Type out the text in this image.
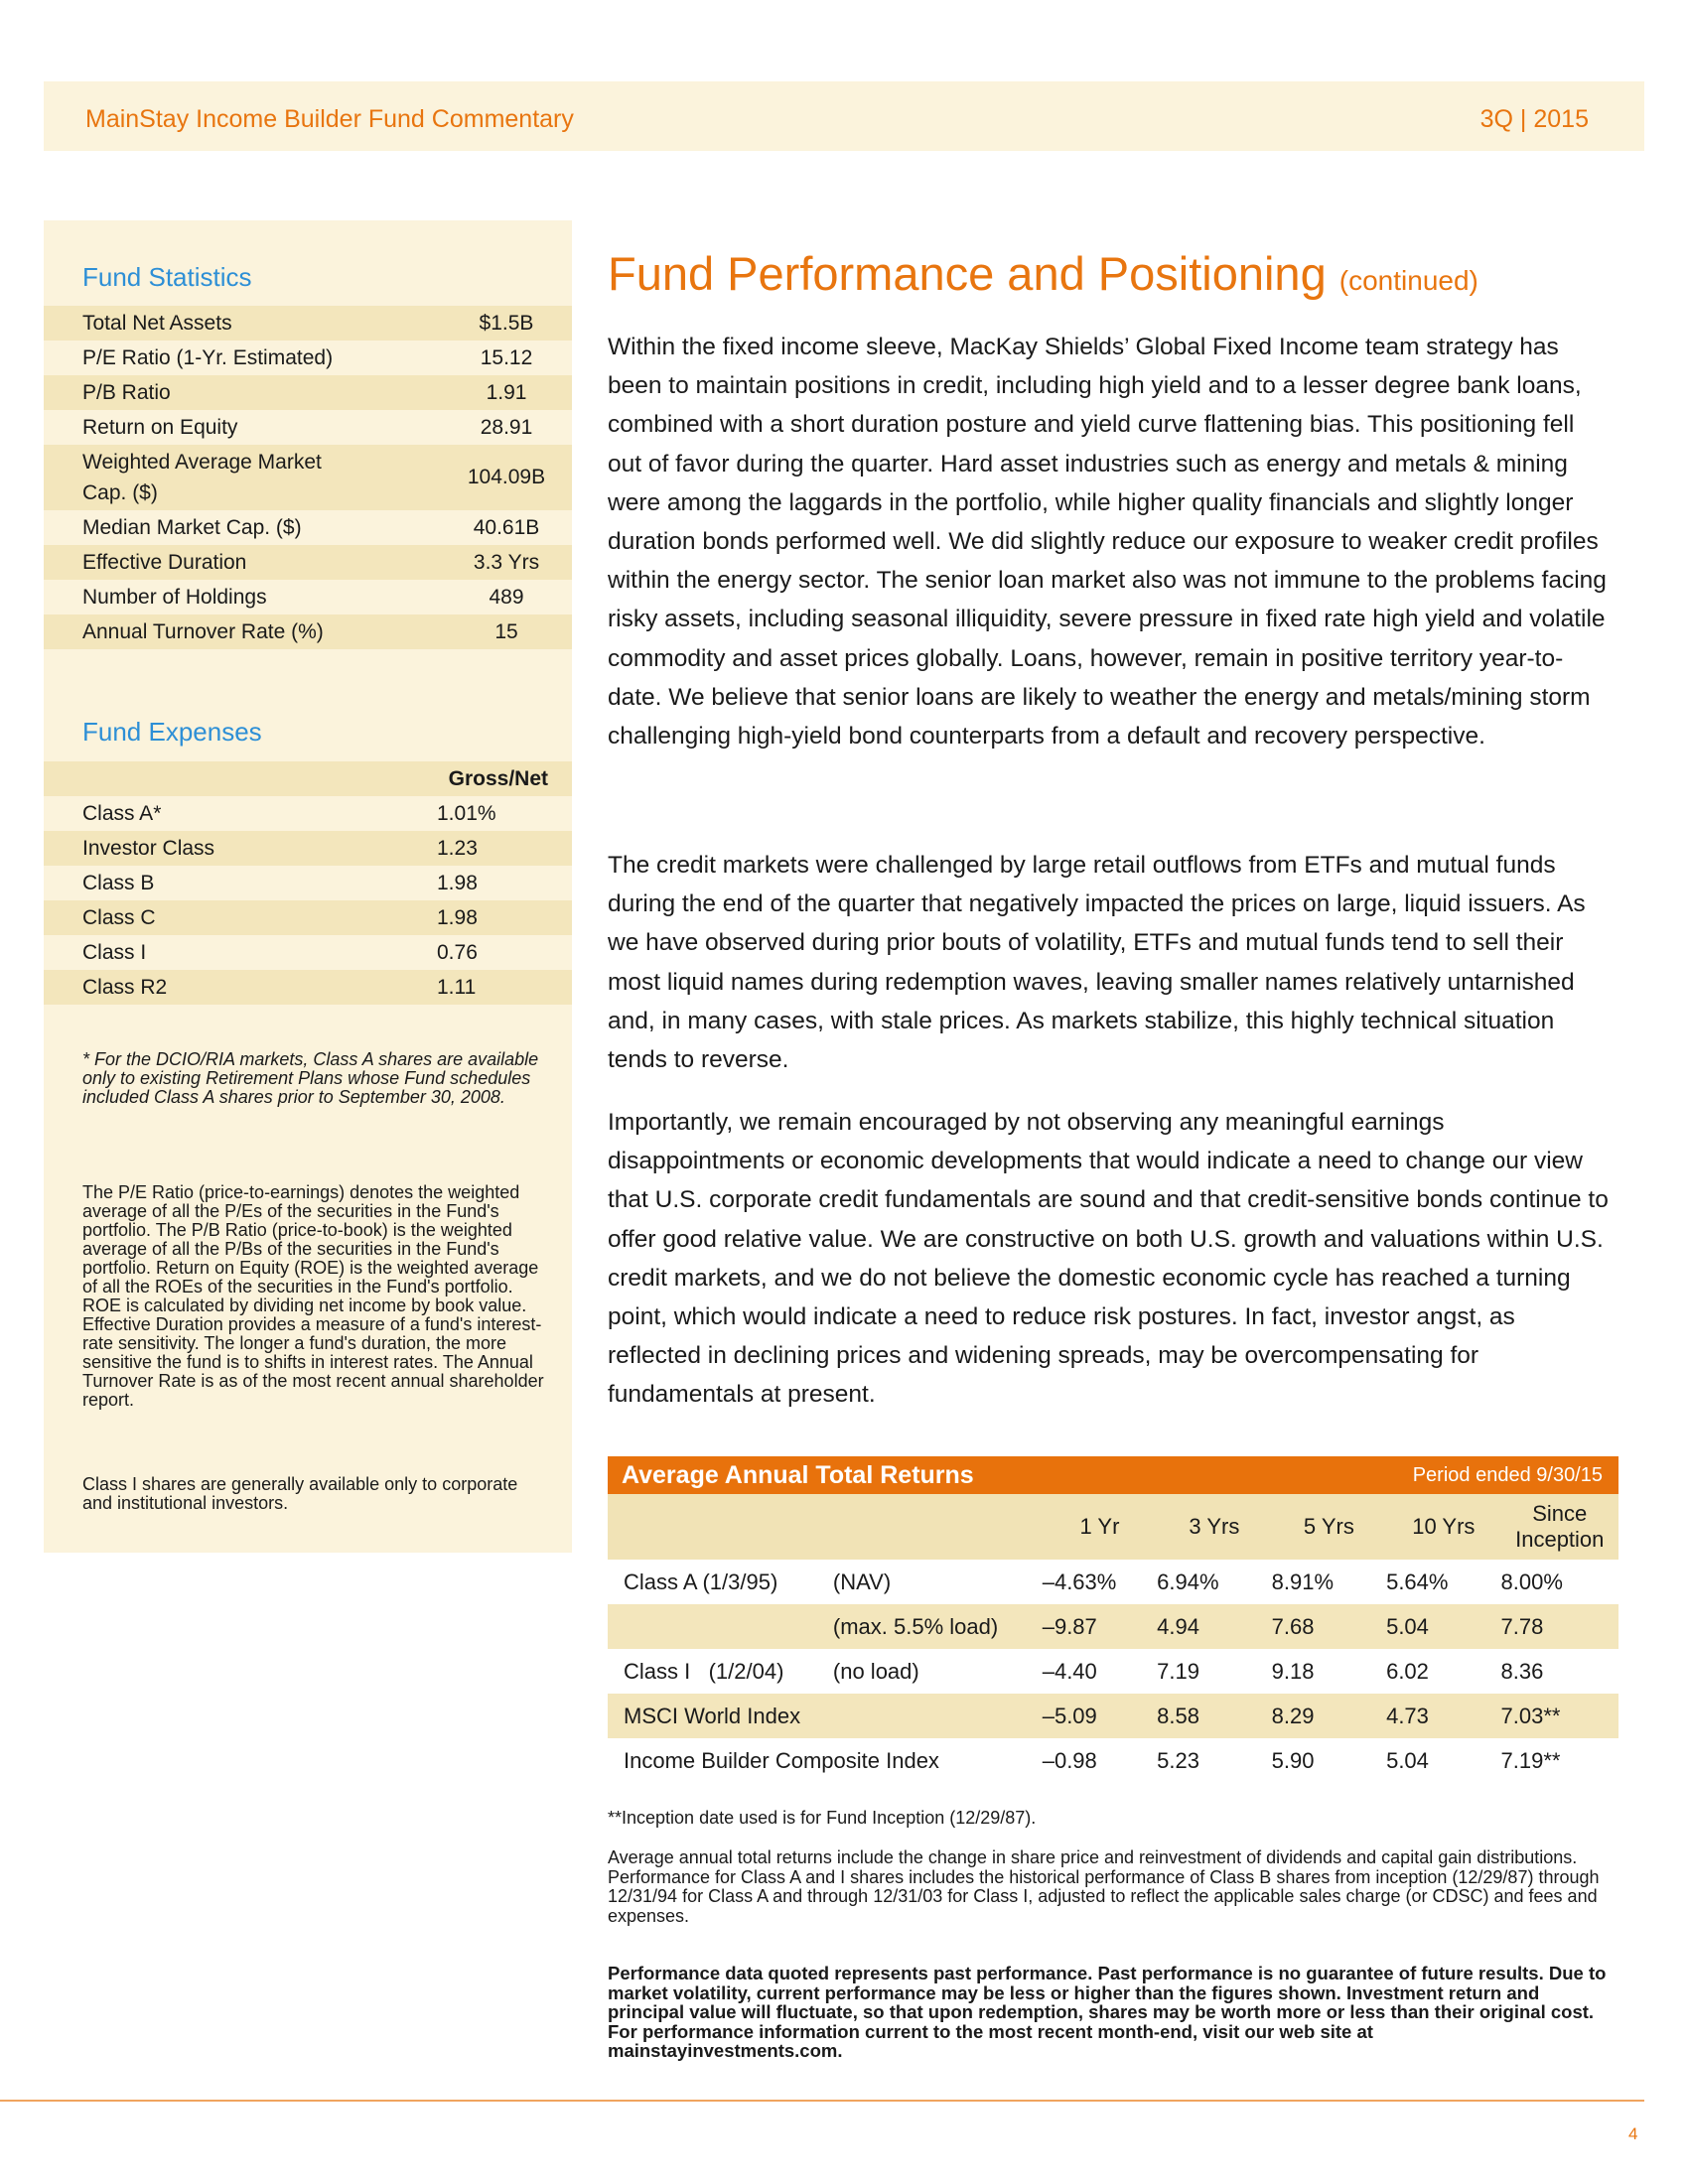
MainStay Income Builder Fund Commentary	3Q | 2015
Fund Statistics
Total Net Assets	$1.5B
P/E Ratio (1-Yr. Estimated)	15.12
P/B Ratio	1.91
Return on Equity	28.91
Weighted Average Market Cap. ($)	104.09B
Median Market Cap. ($)	40.61B
Effective Duration	3.3 Yrs
Number of Holdings	489
Annual Turnover Rate (%)	15
Fund Expenses
	Gross/Net
Class A*	1.01%
Investor Class	1.23
Class B	1.98
Class C	1.98
Class I	0.76
Class R2	1.11
* For the DCIO/RIA markets, Class A shares are available only to existing Retirement Plans whose Fund schedules included Class A shares prior to September 30, 2008.
The P/E Ratio (price-to-earnings) denotes the weighted average of all the P/Es of the securities in the Fund's portfolio. The P/B Ratio (price-to-book) is the weighted average of all the P/Bs of the securities in the Fund's portfolio. Return on Equity (ROE) is the weighted average of all the ROEs of the securities in the Fund's portfolio. ROE is calculated by dividing net income by book value. Effective Duration provides a measure of a fund's interest-rate sensitivity. The longer a fund's duration, the more sensitive the fund is to shifts in interest rates. The Annual Turnover Rate is as of the most recent annual shareholder report.
Class I shares are generally available only to corporate and institutional investors.
Fund Performance and Positioning (continued)
Within the fixed income sleeve, MacKay Shields’ Global Fixed Income team strategy has been to maintain positions in credit, including high yield and to a lesser degree bank loans, combined with a short duration posture and yield curve flattening bias. This positioning fell out of favor during the quarter. Hard asset industries such as energy and metals & mining were among the laggards in the portfolio, while higher quality financials and slightly longer duration bonds performed well. We did slightly reduce our exposure to weaker credit profiles within the energy sector. The senior loan market also was not immune to the problems facing risky assets, including seasonal illiquidity, severe pressure in fixed rate high yield and volatile commodity and asset prices globally. Loans, however, remain in positive territory year-to-date. We believe that senior loans are likely to weather the energy and metals/mining storm challenging high-yield bond counterparts from a default and recovery perspective.
The credit markets were challenged by large retail outflows from ETFs and mutual funds during the end of the quarter that negatively impacted the prices on large, liquid issuers. As we have observed during prior bouts of volatility, ETFs and mutual funds tend to sell their most liquid names during redemption waves, leaving smaller names relatively untarnished and, in many cases, with stale prices. As markets stabilize, this highly technical situation tends to reverse.
Importantly, we remain encouraged by not observing any meaningful earnings disappointments or economic developments that would indicate a need to change our view that U.S. corporate credit fundamentals are sound and that credit-sensitive bonds continue to offer good relative value. We are constructive on both U.S. growth and valuations within U.S. credit markets, and we do not believe the domestic economic cycle has reached a turning point, which would indicate a need to reduce risk postures. In fact, investor angst, as reflected in declining prices and widening spreads, may be overcompensating for fundamentals at present.
Average Annual Total Returns				Period ended 9/30/15		
		1 Yr	3 Yrs	5 Yrs	10 Yrs	Since Inception
Class A (1/3/95)	(NAV)	–4.63%	6.94%	8.91%	5.64%	8.00%
	(max. 5.5% load)	–9.87	4.94	7.68	5.04	7.78
Class I   (1/2/04)	(no load)	–4.40	7.19	9.18	6.02	8.36
MSCI World Index		–5.09	8.58	8.29	4.73	7.03**
Income Builder Composite Index		–0.98	5.23	5.90	5.04	7.19**
**Inception date used is for Fund Inception (12/29/87).
Average annual total returns include the change in share price and reinvestment of dividends and capital gain distributions. Performance for Class A and I shares includes the historical performance of Class B shares from inception (12/29/87) through 12/31/94 for Class A and through 12/31/03 for Class I, adjusted to reflect the applicable sales charge (or CDSC) and fees and expenses.
Performance data quoted represents past performance. Past performance is no guarantee of future results. Due to market volatility, current performance may be less or higher than the figures shown. Investment return and principal value will fluctuate, so that upon redemption, shares may be worth more or less than their original cost. For performance information current to the most recent month-end, visit our web site at mainstayinvestments.com.
4
